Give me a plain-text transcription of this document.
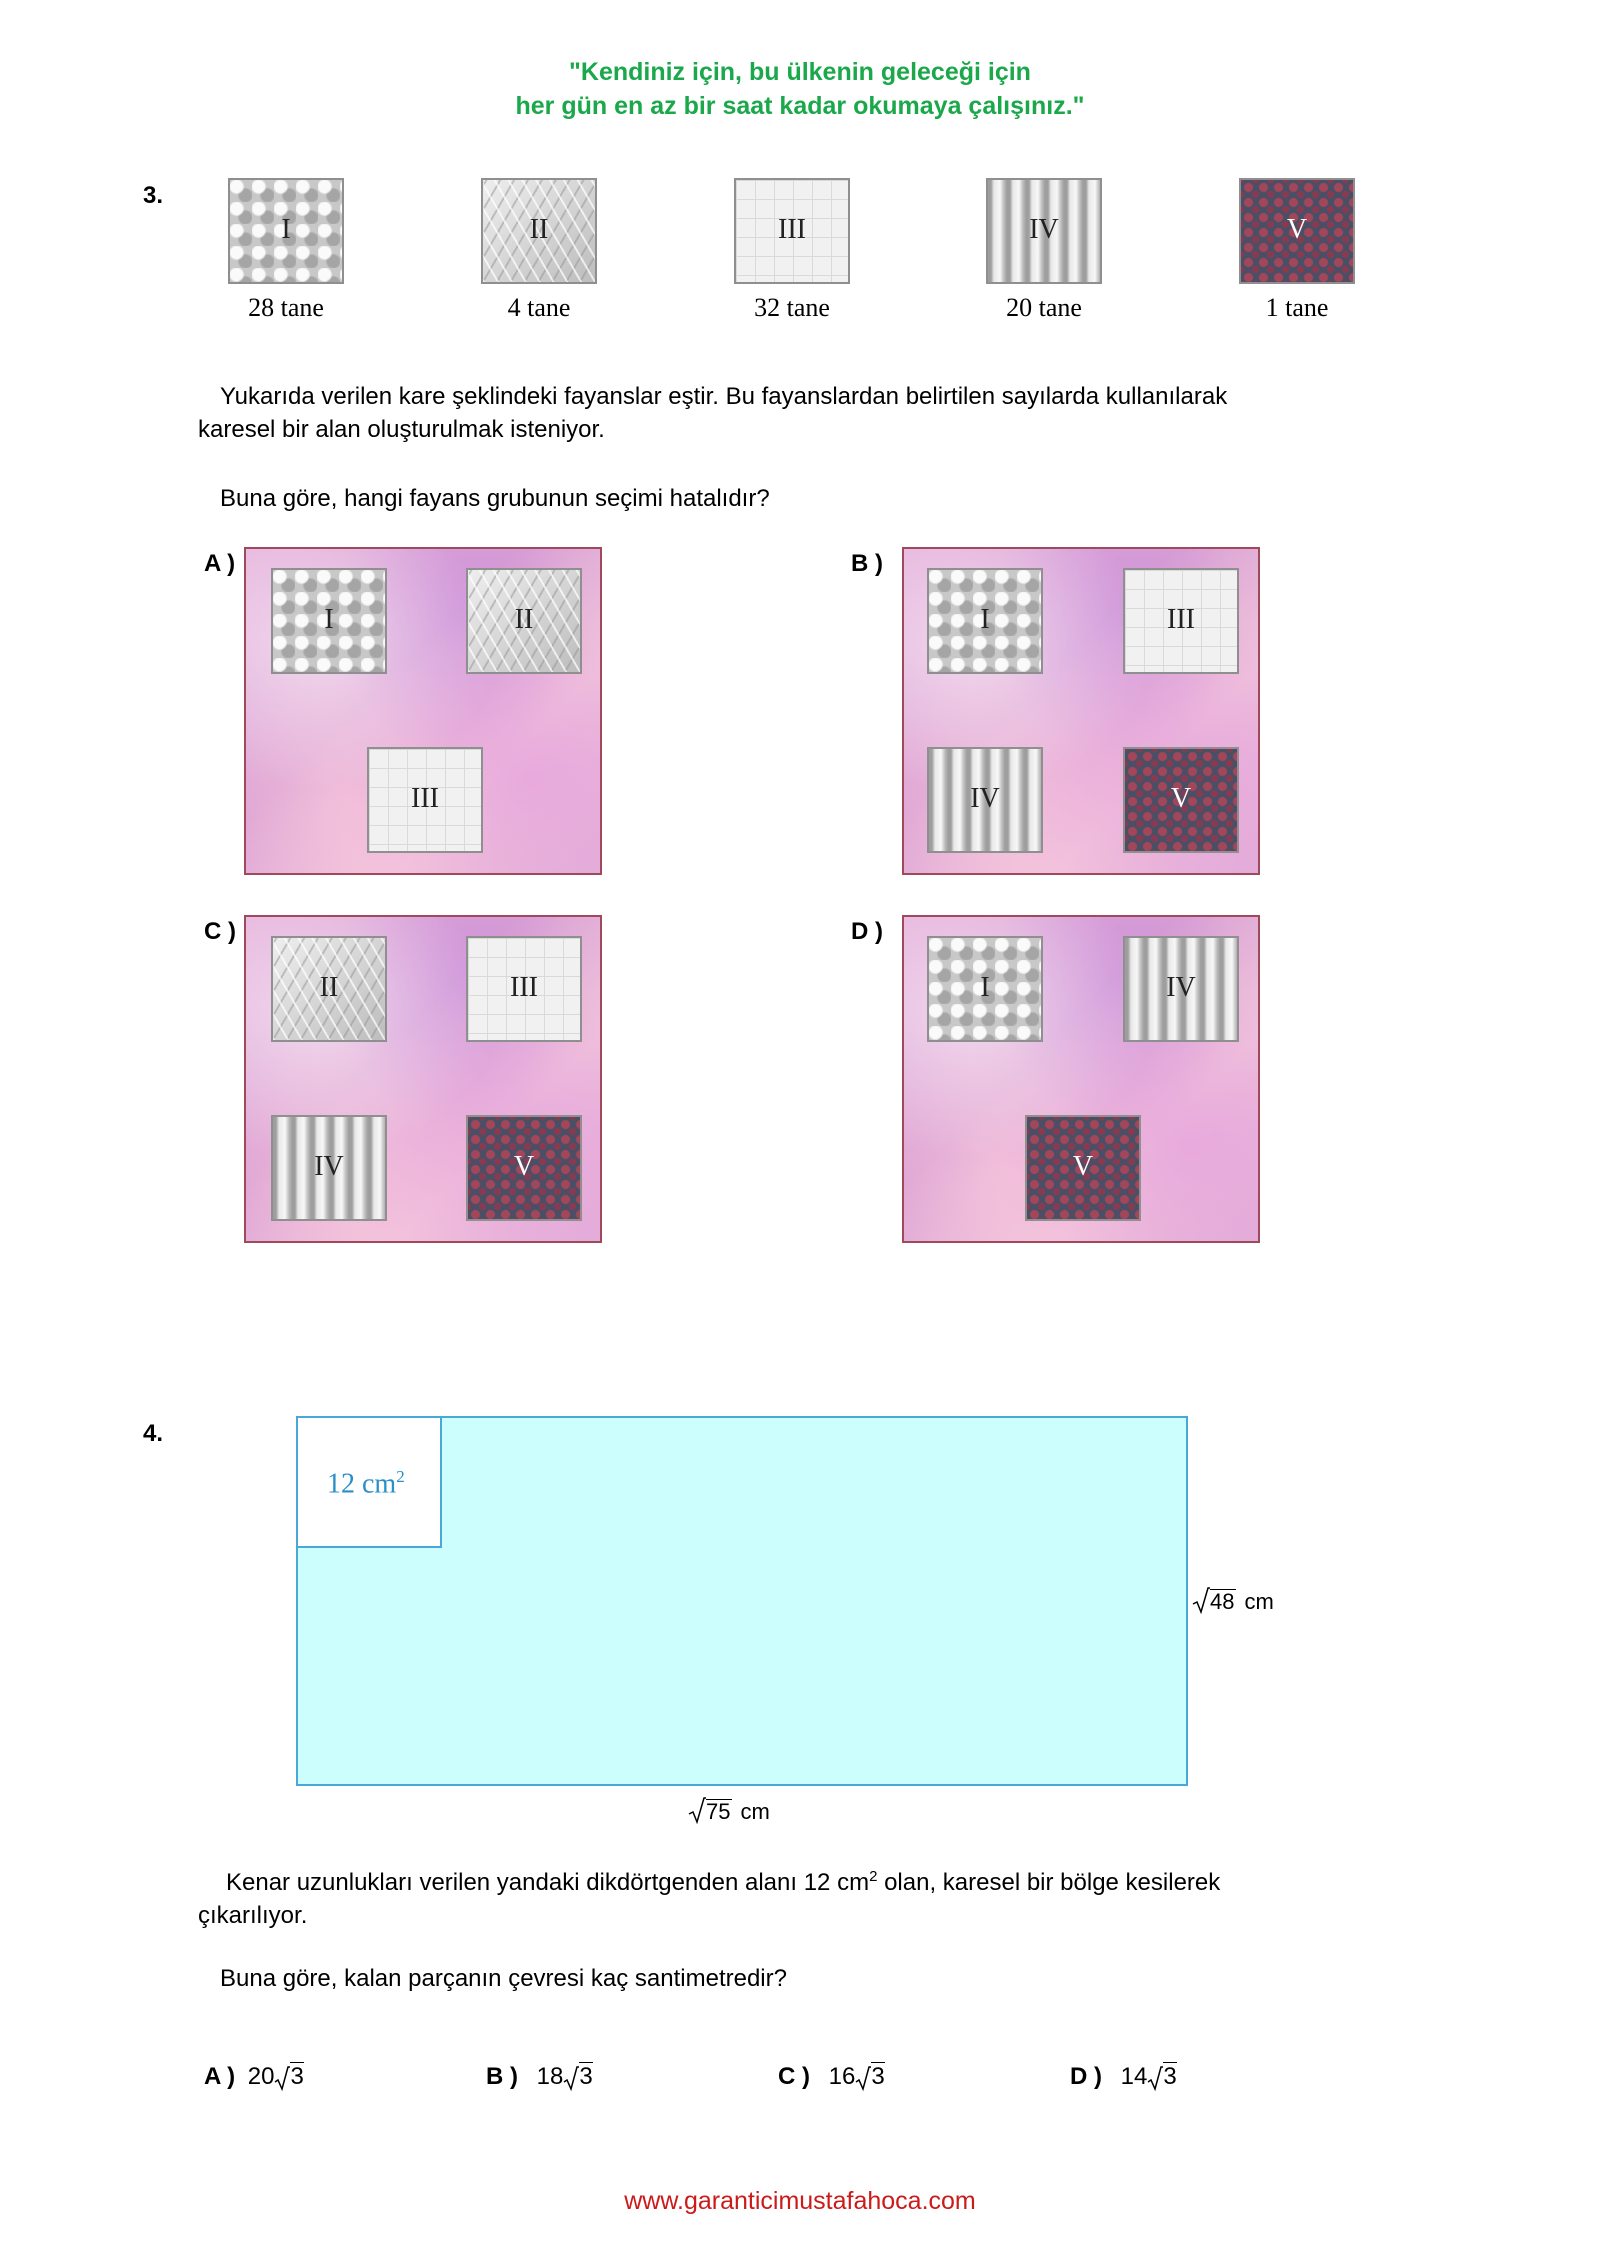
"Kendiniz için, bu ülkenin geleceği için
her gün en az bir saat kadar okumaya çalışınız."
3.
I	II	III	IV	V
28 tane	4 tane	32 tane	20 tane	1 tane
Yukarıda verilen kare şeklindeki fayanslar eştir. Bu fayanslardan belirtilen sayılarda kullanılarak
karesel bir alan oluşturulmak isteniyor.
Buna göre, hangi fayans grubunun seçimi hatalıdır?
A )
I	II
III
B )
I	III
IV	V
C )
II	III
IV	V
D )
I	IV
V
4.
12 $cm^2$
48 cm
75 cm
Kenar uzunlukları verilen yandaki dikdörtgenden alanı 12 $cm^2$ olan, karesel bir bölge kesilerek
çıkarılıyor.
Buna göre, kalan parçanın çevresi kaç santimetredir?
A ) 20 3	B ) 18 3	C ) 16 3	D ) 14 3
www.garanticimustafahoca.com
